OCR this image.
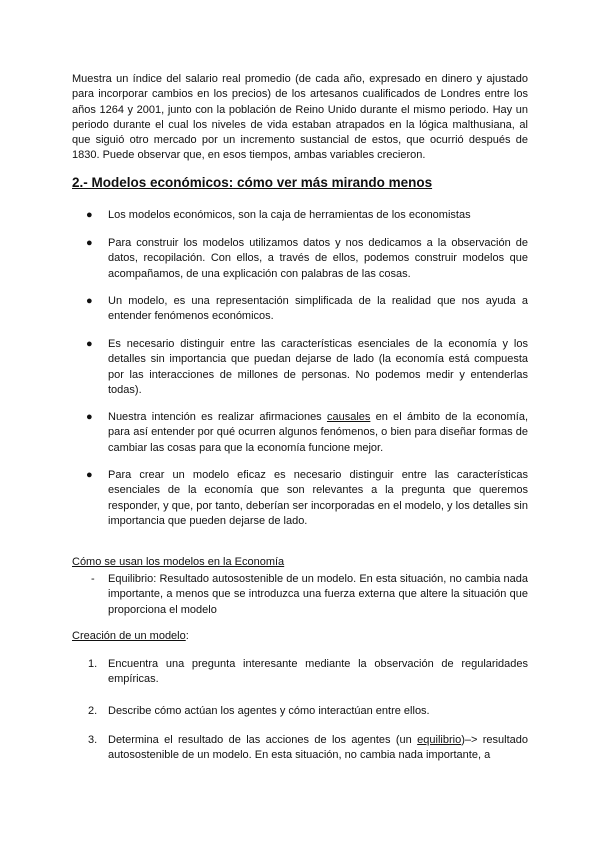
Muestra un índice del salario real promedio (de cada año, expresado en dinero y ajustado para incorporar cambios en los precios) de los artesanos cualificados de Londres entre los años 1264 y 2001, junto con la población de Reino Unido durante el mismo periodo. Hay un periodo durante el cual los niveles de vida estaban atrapados en la lógica malthusiana, al que siguió otro mercado por un incremento sustancial de estos, que ocurrió después de 1830. Puede observar que, en esos tiempos, ambas variables crecieron.

2.- Modelos económicos: cómo ver más mirando menos
● Los modelos económicos, son la caja de herramientas de los economistas
● Para construir los modelos utilizamos datos y nos dedicamos a la observación de datos, recopilación. Con ellos, a través de ellos, podemos construir modelos que acompañamos, de una explicación con palabras de las cosas.
● Un modelo, es una representación simplificada de la realidad que nos ayuda a entender fenómenos económicos.
● Es necesario distinguir entre las características esenciales de la economía y los detalles sin importancia que puedan dejarse de lado (la economía está compuesta por las interacciones de millones de personas. No podemos medir y entenderlas todas).
● Nuestra intención es realizar afirmaciones causales en el ámbito de la economía, para así entender por qué ocurren algunos fenómenos, o bien para diseñar formas de cambiar las cosas para que la economía funcione mejor.
● Para crear un modelo eficaz es necesario distinguir entre las características esenciales de la economía que son relevantes a la pregunta que queremos responder, y que, por tanto, deberían ser incorporadas en el modelo, y los detalles sin importancia que pueden dejarse de lado.
Cómo se usan los modelos en la Economía
- Equilibrio: Resultado autosostenible de un modelo. En esta situación, no cambia nada importante, a menos que se introduzca una fuerza externa que altere la situación que proporciona el modelo
Creación de un modelo:
1. Encuentra una pregunta interesante mediante la observación de regularidades empíricas.
2. Describe cómo actúan los agentes y cómo interactúan entre ellos.
3. Determina el resultado de las acciones de los agentes (un equilibrio)–> resultado autosostenible de un modelo. En esta situación, no cambia nada importante, a
